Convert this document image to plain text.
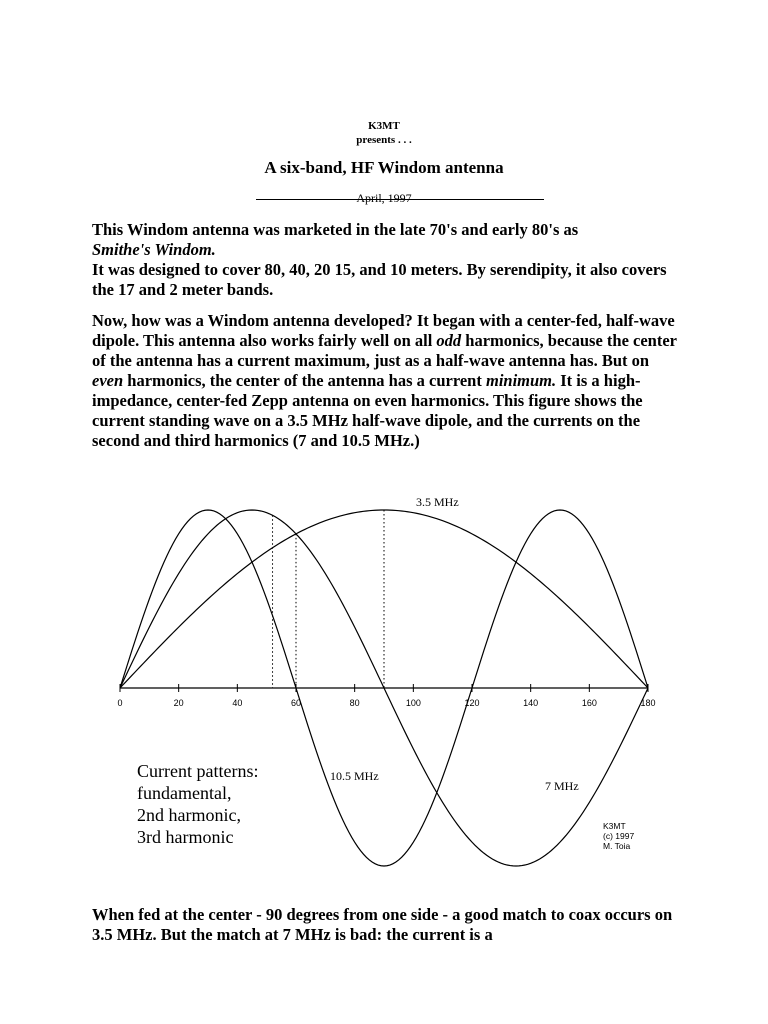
K3MT
presents . . .
A six-band, HF Windom antenna
April, 1997

This Windom antenna was marketed in the late 70's and early 80's as
Smithe's Windom.

It was designed to cover 80, 40, 20 15, and 10 meters. By serendipity, it also covers the 17 and 2 meter bands.

Now, how was a Windom antenna developed? It began with a center-fed, half-wave dipole. This antenna also works fairly well on all odd harmonics, because the center of the antenna has a current maximum, just as a half-wave antenna has. But on even harmonics, the center of the antenna has a current minimum. It is a high-impedance, center-fed Zepp antenna on even harmonics. This figure shows the current standing wave on a 3.5 MHz half-wave dipole, and the currents on the second and third harmonics (7 and 10.5 MHz.)

0	20	40	60	80	100	120	140	160	180
3.5 MHz
7 MHz
10.5 MHz
Current patterns:
fundamental,
2nd harmonic,
3rd harmonic
K3MT
(c) 1997
M. Toia

When fed at the center - 90 degrees from one side - a good match to coax occurs on 3.5 MHz. But the match at 7 MHz is bad: the current is a
